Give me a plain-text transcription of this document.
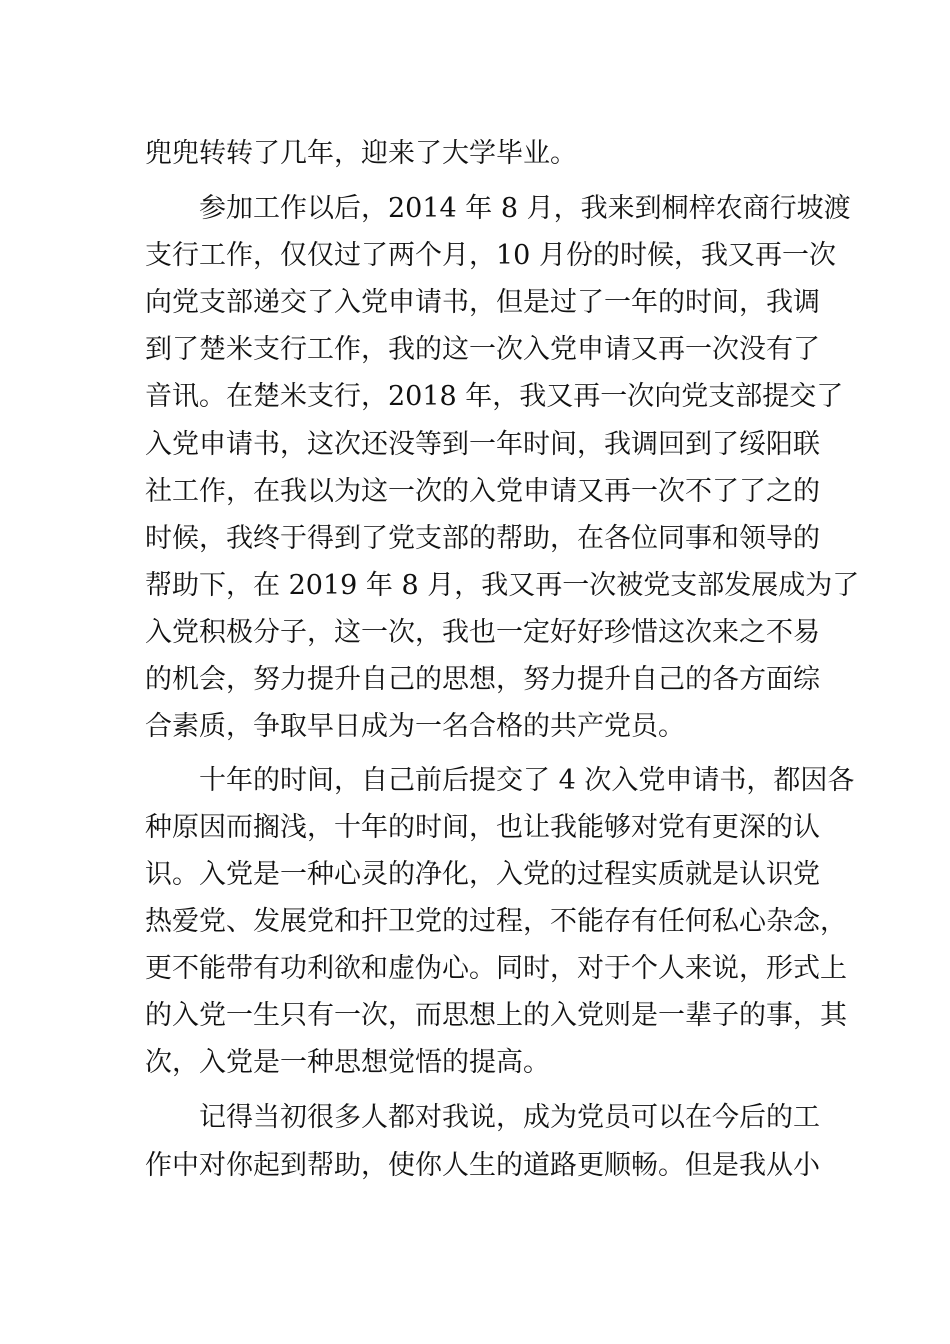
兜兜转转了几年，迎来了大学毕业。
参加工作以后，2014 年 8 月，我来到桐梓农商行坡渡
支行工作，仅仅过了两个月，10 月份的时候，我又再一次
向党支部递交了入党申请书，但是过了一年的时间，我调
到了楚米支行工作，我的这一次入党申请又再一次没有了
音讯。在楚米支行，2018 年，我又再一次向党支部提交了
入党申请书，这次还没等到一年时间，我调回到了绥阳联
社工作，在我以为这一次的入党申请又再一次不了了之的
时候，我终于得到了党支部的帮助，在各位同事和领导的
帮助下，在 2019 年 8 月，我又再一次被党支部发展成为了
入党积极分子，这一次，我也一定好好珍惜这次来之不易
的机会，努力提升自己的思想，努力提升自己的各方面综
合素质，争取早日成为一名合格的共产党员。
十年的时间，自己前后提交了 4 次入党申请书，都因各
种原因而搁浅，十年的时间，也让我能够对党有更深的认
识。入党是一种心灵的净化，入党的过程实质就是认识党
热爱党、发展党和扞卫党的过程，不能存有任何私心杂念，
更不能带有功利欲和虚伪心。同时，对于个人来说，形式上
的入党一生只有一次，而思想上的入党则是一辈子的事，其
次，入党是一种思想觉悟的提高。
记得当初很多人都对我说，成为党员可以在今后的工
作中对你起到帮助，使你人生的道路更顺畅。但是我从小
